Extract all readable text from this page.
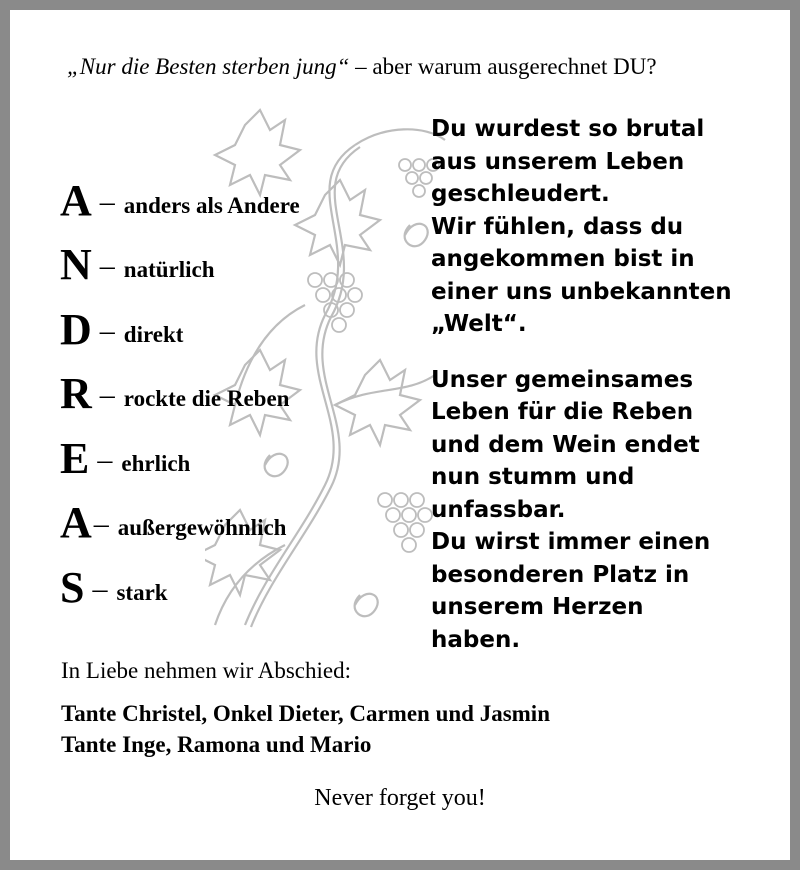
„Nur die Besten sterben jung“ – aber warum ausgerechnet DU?
A – anders als Andere
N – natürlich
D – direkt
R – rockte die Reben
E – ehrlich
A – außergewöhnlich
S – stark
Du wurdest so brutal
aus unserem Leben
geschleudert.
Wir fühlen, dass du
angekommen bist in
einer uns unbekannten
„Welt“.
Unser gemeinsames
Leben für die Reben
und dem Wein endet
nun stumm und
unfassbar.
Du wirst immer einen
besonderen Platz in
unserem Herzen
haben.
In Liebe nehmen wir Abschied:
Tante Christel, Onkel Dieter, Carmen und Jasmin
Tante Inge, Ramona und Mario
Never forget you!
